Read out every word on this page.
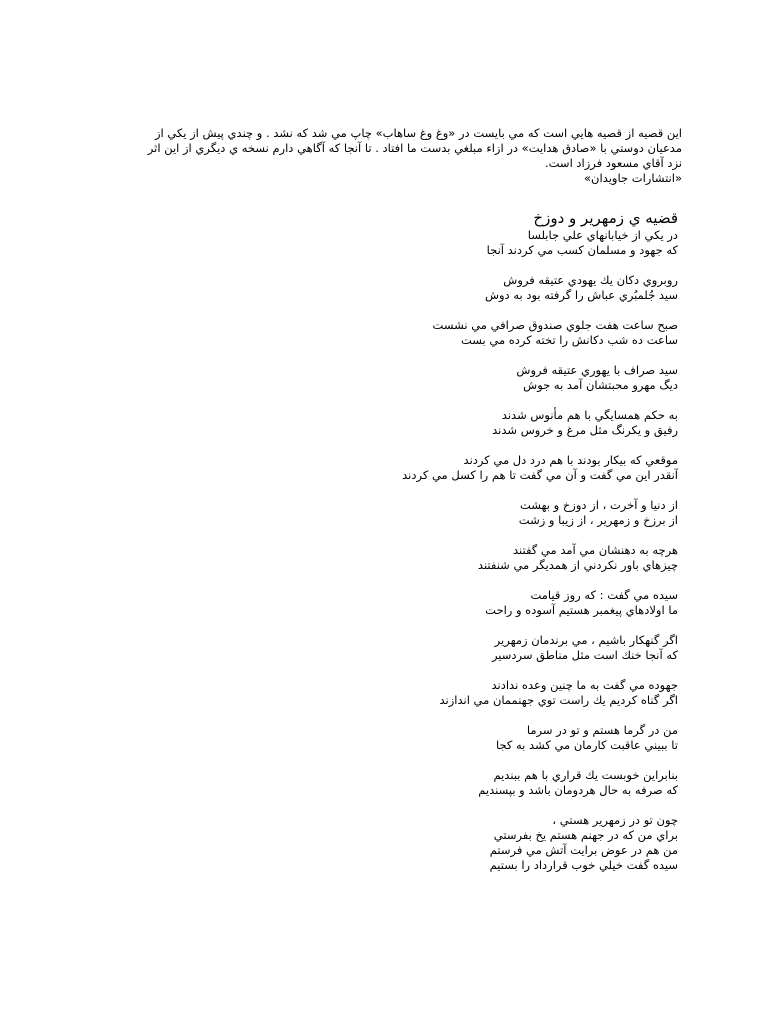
اين قصيه از قصيه هايي است كه مي بايست در «وغ وغ ساهاب» چاپ مي شد كه نشد . و چندي پيش از يكي از
مدعيان دوستي با «صادق هدايت» در ازاء مبلغي بدست ما افتاد . تا آنجا كه آگاهي دارم نسخه ي ديگري از اين اثر
نزد آقاي مسعود فرزاد است.

«انتشارات جاويدان»

قضيه ي زمهرير و دوزخ
در يكي از خيابانهاي علي جابلسا
كه جهود و مسلمان كسب مي كردند آنجا
روبروي دكان يك يهودي عتيقه فروش
سيد جُلمبُري عباش را گرفته بود به دوش
صبح ساعت هفت جلوي صندوق صرافي مي نشست
ساعت ده شب دكانش را تخته كرده مي بست
سيد صراف با يهوري عتيقه فروش
ديگ مهرو محبتشان آمد به جوش
به حكم همسايگي با هم مأنوس شدند
رفيق و يكرنگ مثل مرغ و خروس شدند
موقعي كه بيكار بودند با هم درد دل مي كردند
آنقدر اين مي گفت و آن مي گفت تا هم را كسل مي كردند
از دنيا و آخرت ، از دوزخ و بهشت
از برزخ و زمهرير ، از زيبا و زشت
هرچه به دهنشان مي آمد مي گفتند
چيزهاي باور نكردني از همديگر مي شنفتند
سيده مي گفت : كه روز قيامت
ما اولادهاي پيغمبر هستيم آسوده و راحت
اگر گنهكار باشيم ، مي برندمان زمهرير
كه آنجا خنك است مثل مناطق سردسير
جهوده مي گفت به ما چنين وعده ندادند
اگر گناه كرديم يك راست توي جهنممان مي اندازند
من در گرما هستم و تو در سرما
تا ببيني عاقبت كارمان مي كشد به كجا
بنابراين خوبست يك قراري با هم ببنديم
كه صرفه به حال هردومان باشد و بپسنديم
چون تو در زمهرير هستي ،
براي من كه در جهنم هستم يخ بفرستي
من هم در عوض برايت آتش مي فرستم
سيده گفت خيلي خوب قرارداد را بستيم
